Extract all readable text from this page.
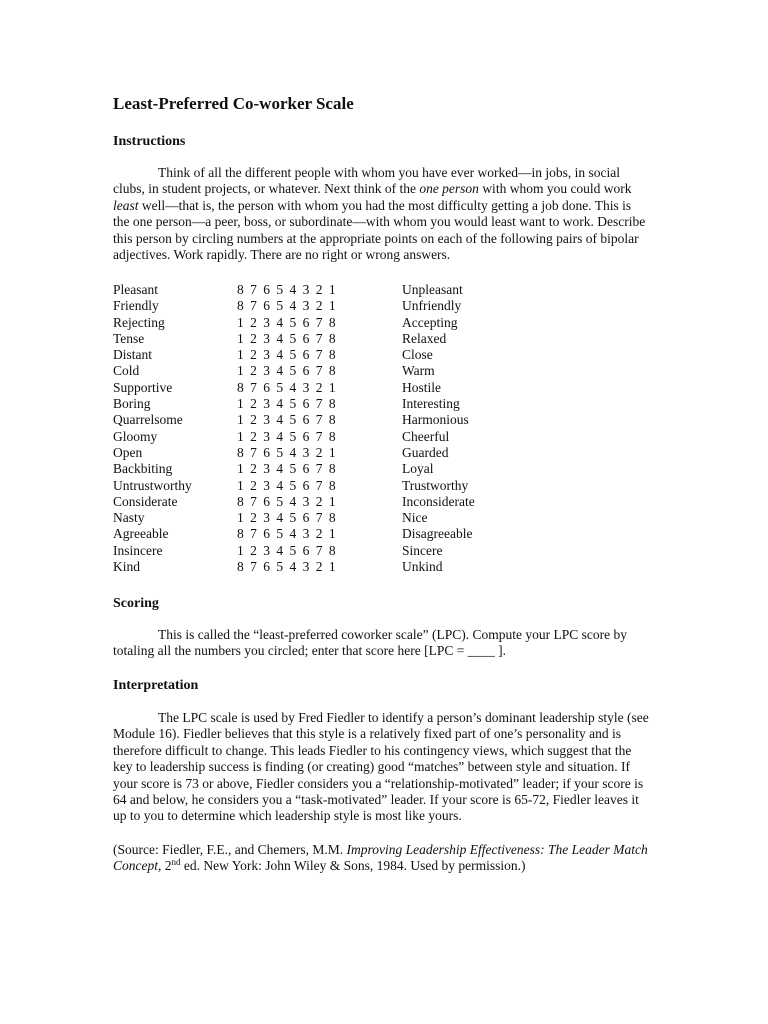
Least-Preferred Co-worker Scale
Instructions

Think of all the different people with whom you have ever worked—in jobs, in social clubs, in student projects, or whatever. Next think of the one person with whom you could work least well—that is, the person with whom you had the most difficulty getting a job done. This is the one person—a peer, boss, or subordinate—with whom you would least want to work. Describe this person by circling numbers at the appropriate points on each of the following pairs of bipolar adjectives. Work rapidly. There are no right or wrong answers.

Pleasant	8 7 6 5 4 3 2 1	Unpleasant
Friendly	8 7 6 5 4 3 2 1	Unfriendly
Rejecting	1 2 3 4 5 6 7 8	Accepting
Tense	1 2 3 4 5 6 7 8	Relaxed
Distant	1 2 3 4 5 6 7 8	Close
Cold	1 2 3 4 5 6 7 8	Warm
Supportive	8 7 6 5 4 3 2 1	Hostile
Boring	1 2 3 4 5 6 7 8	Interesting
Quarrelsome	1 2 3 4 5 6 7 8	Harmonious
Gloomy	1 2 3 4 5 6 7 8	Cheerful
Open	8 7 6 5 4 3 2 1	Guarded
Backbiting	1 2 3 4 5 6 7 8	Loyal
Untrustworthy	1 2 3 4 5 6 7 8	Trustworthy
Considerate	8 7 6 5 4 3 2 1	Inconsiderate
Nasty	1 2 3 4 5 6 7 8	Nice
Agreeable	8 7 6 5 4 3 2 1	Disagreeable
Insincere	1 2 3 4 5 6 7 8	Sincere
Kind	8 7 6 5 4 3 2 1	Unkind
Scoring

This is called the “least-preferred coworker scale” (LPC). Compute your LPC score by totaling all the numbers you circled; enter that score here [LPC = ____ ].

Interpretation

The LPC scale is used by Fred Fiedler to identify a person’s dominant leadership style (see Module 16). Fiedler believes that this style is a relatively fixed part of one’s personality and is therefore difficult to change. This leads Fiedler to his contingency views, which suggest that the key to leadership success is finding (or creating) good “matches” between style and situation. If your score is 73 or above, Fiedler considers you a “relationship-motivated” leader; if your score is 64 and below, he considers you a “task-motivated” leader. If your score is 65-72, Fiedler leaves it up to you to determine which leadership style is most like yours.

(Source: Fiedler, F.E., and Chemers, M.M. Improving Leadership Effectiveness: The Leader Match Concept, 2nd ed. New York: John Wiley & Sons, 1984. Used by permission.)
